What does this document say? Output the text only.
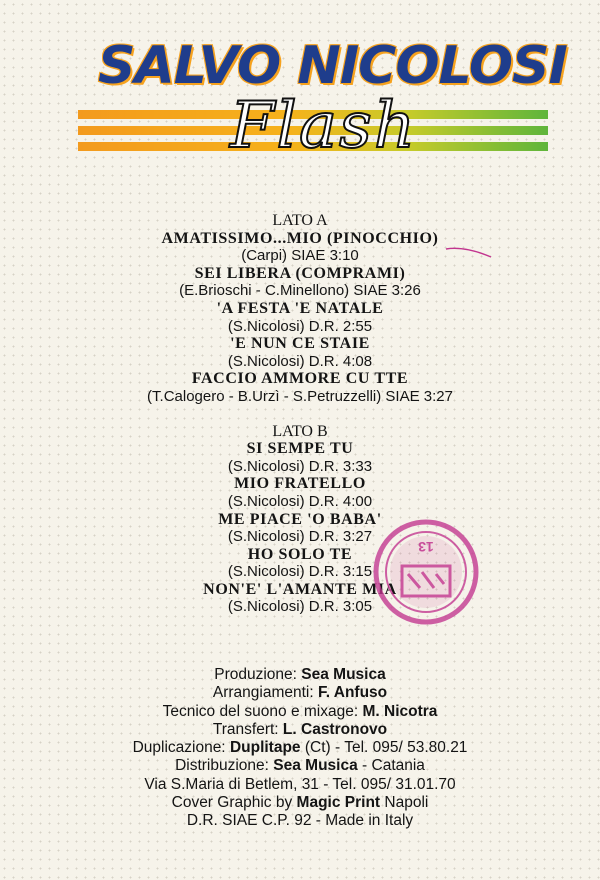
SALVO NICOLOSI
Flash
LATO A
AMATISSIMO...MIO (PINOCCHIO)
(Carpi) SIAE 3:10
SEI LIBERA (COMPRAMI)
(E.Brioschi - C.Minellono) SIAE 3:26
'A FESTA 'E NATALE
(S.Nicolosi) D.R. 2:55
'E NUN CE STAIE
(S.Nicolosi) D.R. 4:08
FACCIO AMMORE CU TTE
(T.Calogero - B.Urzì - S.Petruzzelli) SIAE 3:27
LATO B
SI SEMPE TU
(S.Nicolosi) D.R. 3:33
MIO FRATELLO
(S.Nicolosi) D.R. 4:00
ME PIACE 'O BABA'
(S.Nicolosi) D.R. 3:27
HO SOLO TE
(S.Nicolosi) D.R. 3:15
NON'E' L'AMANTE MIA
(S.Nicolosi) D.R. 3:05
13
Produzione: Sea Musica
Arrangiamenti: F. Anfuso
Tecnico del suono e mixage: M. Nicotra
Transfert: L. Castronovo
Duplicazione: Duplitape (Ct) - Tel. 095/ 53.80.21
Distribuzione: Sea Musica - Catania
Via S.Maria di Betlem, 31 - Tel. 095/ 31.01.70
Cover Graphic by Magic Print Napoli
D.R. SIAE C.P. 92 - Made in Italy
